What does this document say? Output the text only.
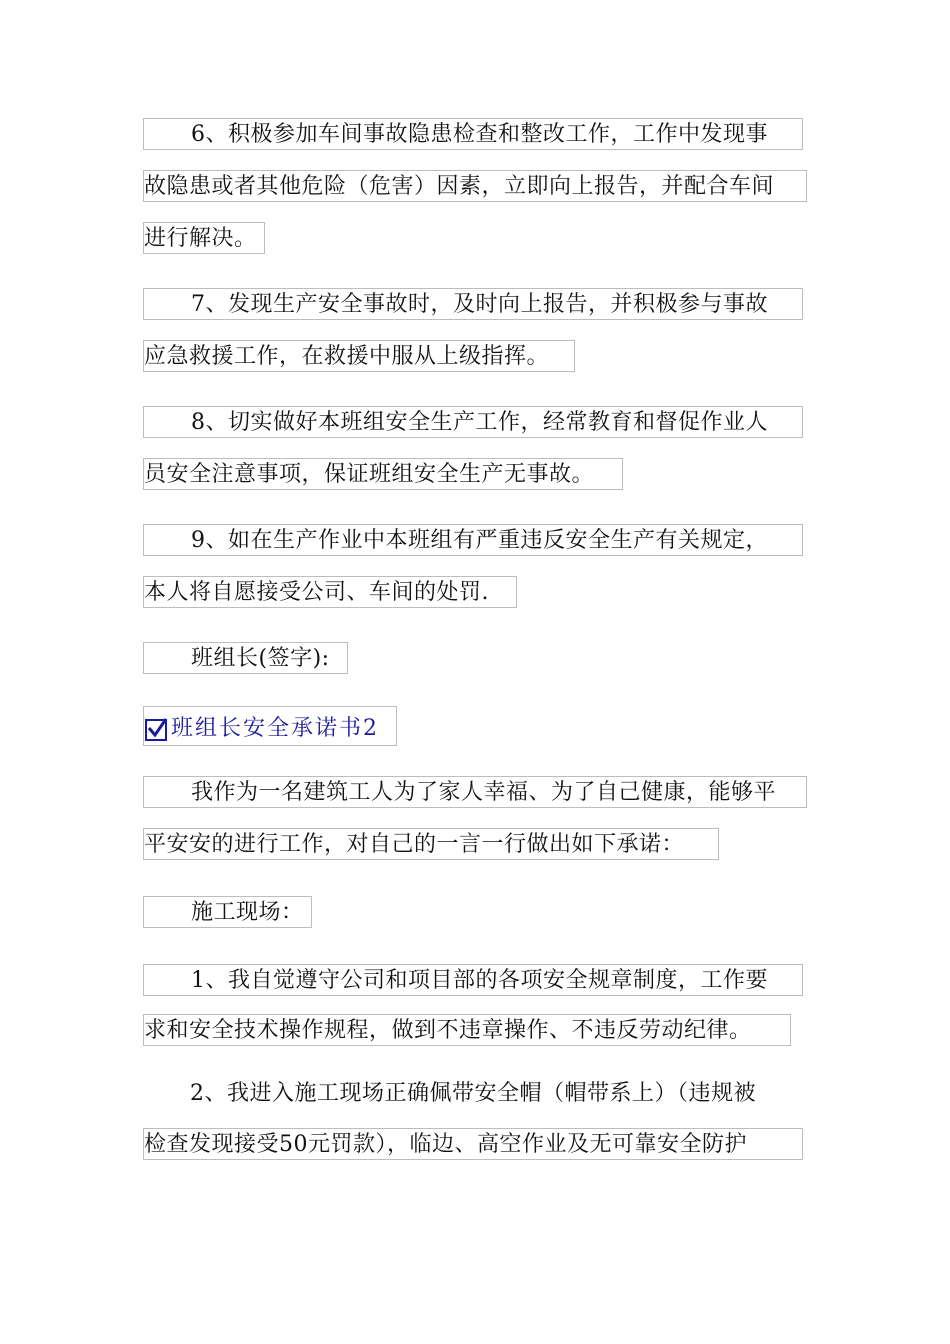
6、积极参加车间事故隐患检查和整改工作，工作中发现事
故隐患或者其他危险（危害）因素，立即向上报告，并配合车间
进行解决。
7、发现生产安全事故时，及时向上报告，并积极参与事故
应急救援工作，在救援中服从上级指挥。
8、切实做好本班组安全生产工作，经常教育和督促作业人
员安全注意事项，保证班组安全生产无事故。
9、如在生产作业中本班组有严重违反安全生产有关规定，
本人将自愿接受公司、车间的处罚.
班组长(签字):
班组长安全承诺书2
我作为一名建筑工人为了家人幸福、为了自己健康，能够平
平安安的进行工作，对自己的一言一行做出如下承诺：
施工现场：
1、我自觉遵守公司和项目部的各项安全规章制度，工作要
求和安全技术操作规程，做到不违章操作、不违反劳动纪律。
2、我进入施工现场正确佩带安全帽（帽带系上）（违规被
检查发现接受50元罚款），临边、高空作业及无可靠安全防护
